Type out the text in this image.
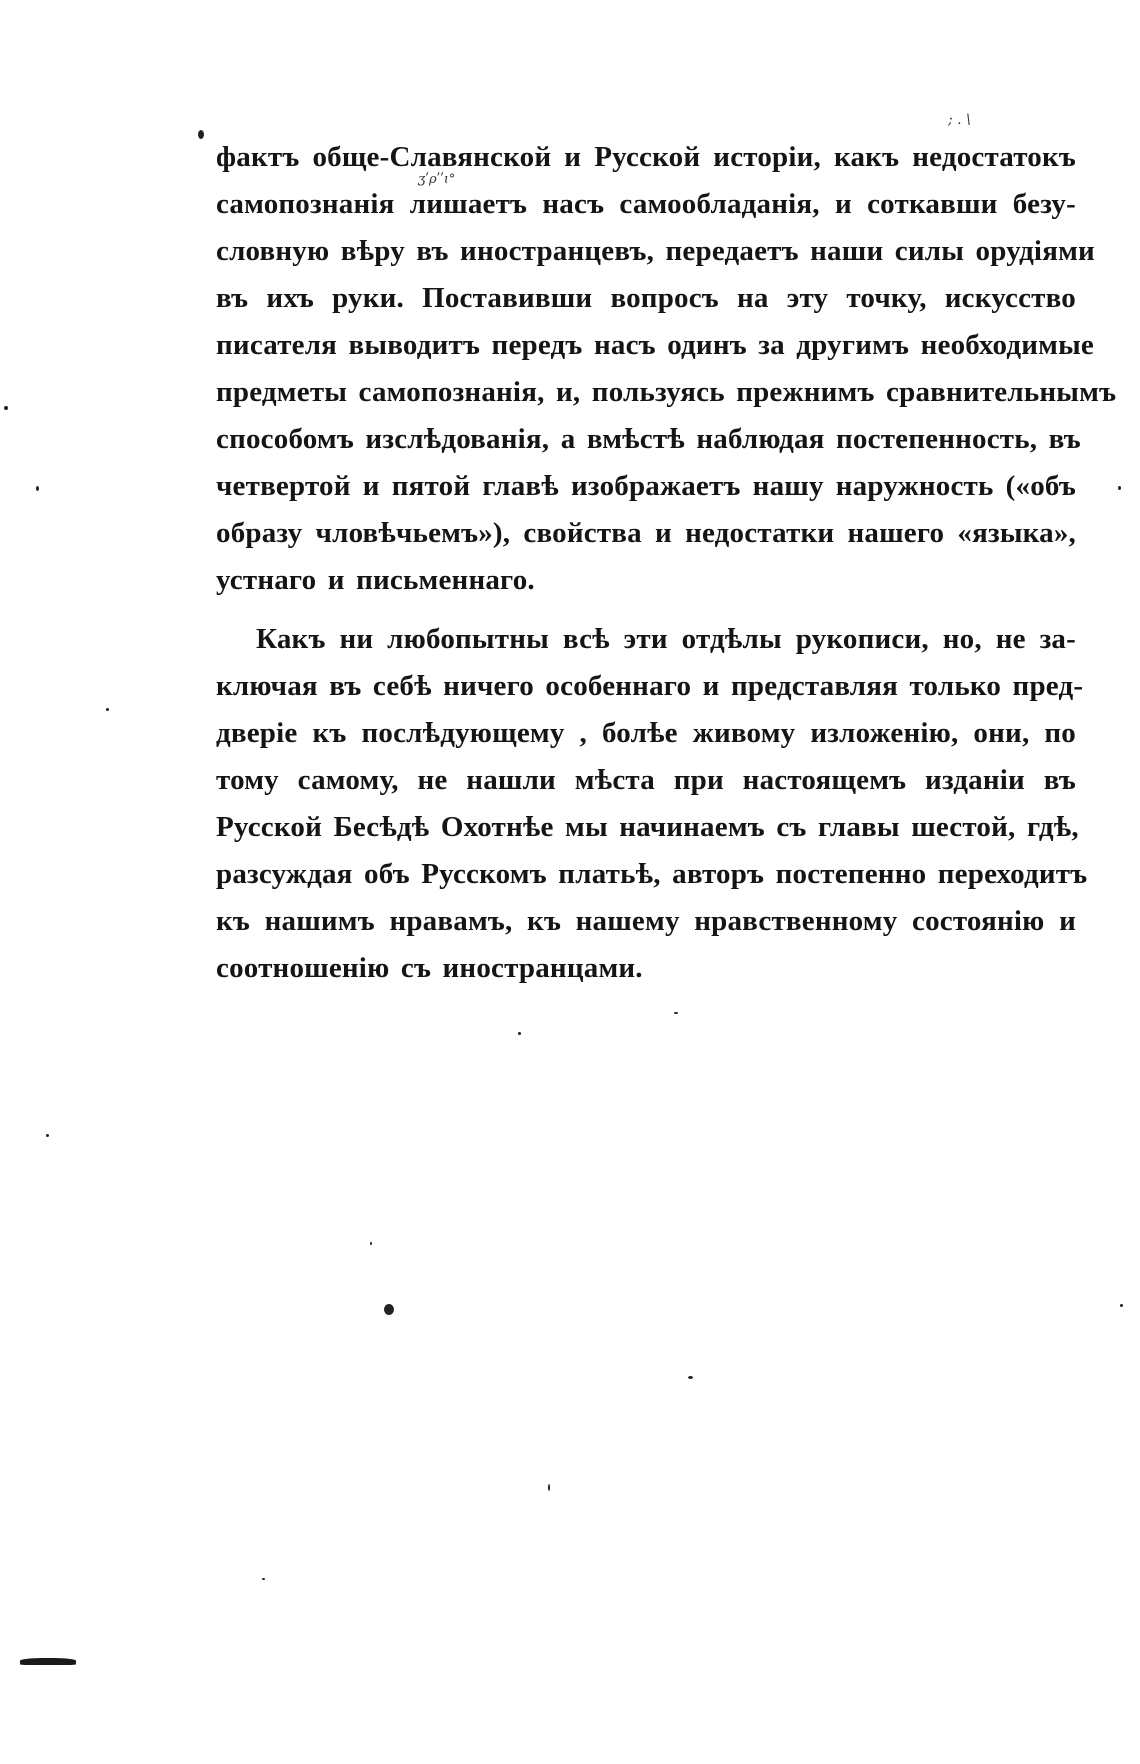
; . \
ʒʹρʹʹɩ°

фактъ обще-Славянской и Русской исторіи, какъ недостатокъ
самопознанія лишаетъ насъ самообладанія, и соткавши безу-
словную вѣру въ иностранцевъ, передаетъ наши силы орудіями
въ ихъ руки. Поставивши вопросъ на эту точку, искусство
писателя выводитъ передъ насъ одинъ за другимъ необходимые
предметы самопознанія, и, пользуясь прежнимъ сравнительнымъ
способомъ изслѣдованія, а вмѣстѣ наблюдая постепенность, въ
четвертой и пятой главѣ изображаетъ нашу наружность («объ
образу чловѣчьемъ»), свойства и недостатки нашего «языка»,
устнаго и письменнаго.

Какъ ни любопытны всѣ эти отдѣлы рукописи, но, не за-
ключая въ себѣ ничего особеннаго и представляя только пред-
двеpіе къ послѣдующему , болѣе живому изложенію, они, по
тому самому, не нашли мѣста при настоящемъ изданіи въ
Русской Бесѣдѣ Охотнѣе мы начинаемъ съ главы шестой, гдѣ,
разсуждая объ Русскомъ платьѣ, авторъ постепенно переходитъ
къ нашимъ нравамъ, къ нашему нравственному состоянію и
соотношенію съ иностранцами.
